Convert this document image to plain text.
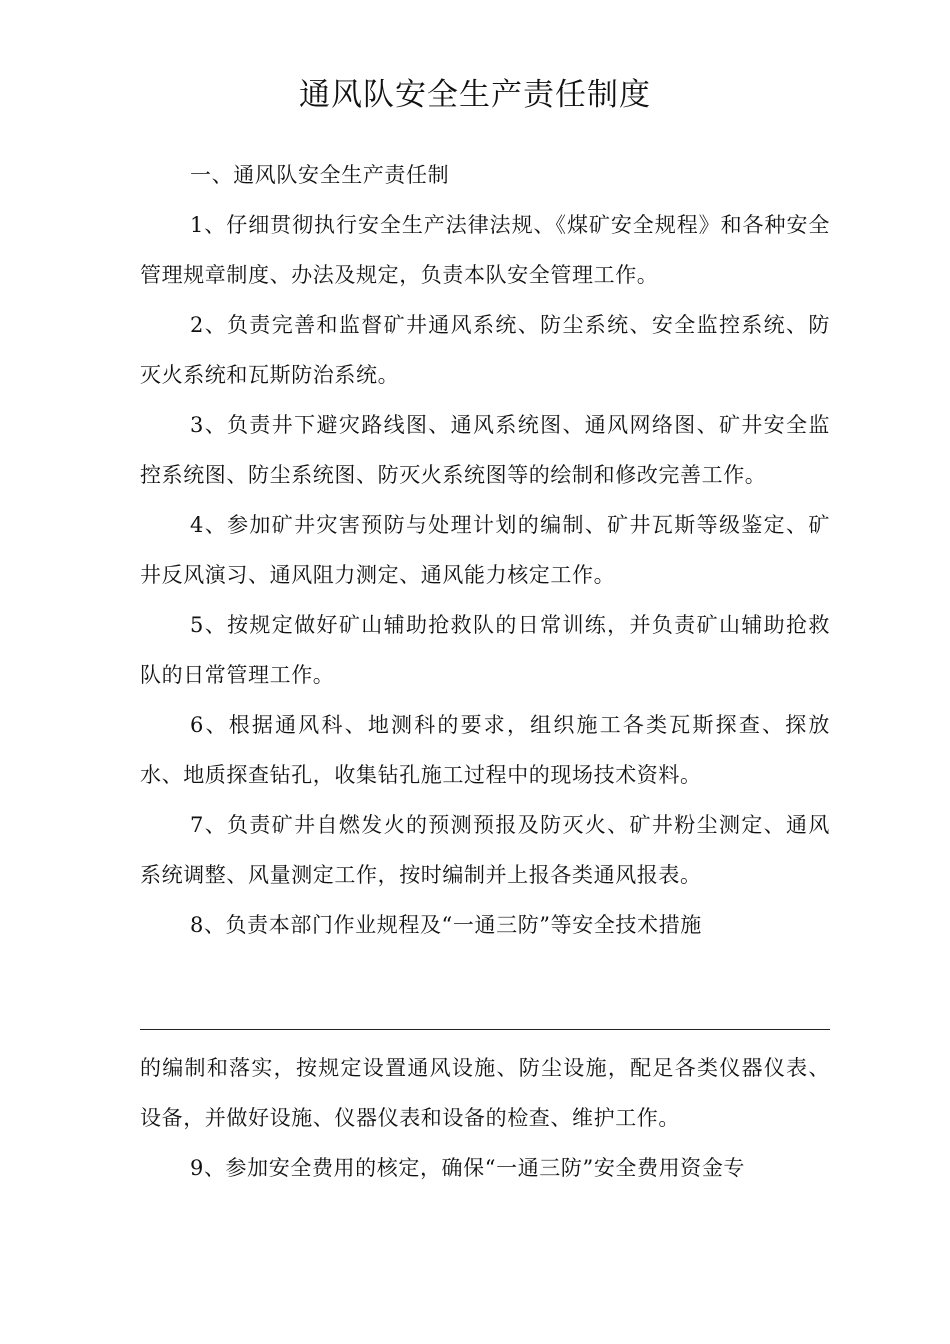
通风队安全生产责任制度
一、通风队安全生产责任制

1、仔细贯彻执行安全生产法律法规、《煤矿安全规程》和各种安全管理规章制度、办法及规定，负责本队安全管理工作。

2、负责完善和监督矿井通风系统、防尘系统、安全监控系统、防灭火系统和瓦斯防治系统。

3、负责井下避灾路线图、通风系统图、通风网络图、矿井安全监控系统图、防尘系统图、防灭火系统图等的绘制和修改完善工作。

4、参加矿井灾害预防与处理计划的编制、矿井瓦斯等级鉴定、矿井反风演习、通风阻力测定、通风能力核定工作。

5、按规定做好矿山辅助抢救队的日常训练，并负责矿山辅助抢救队的日常管理工作。

6、根据通风科、地测科的要求，组织施工各类瓦斯探查、探放水、地质探查钻孔，收集钻孔施工过程中的现场技术资料。

7、负责矿井自燃发火的预测预报及防灭火、矿井粉尘测定、通风系统调整、风量测定工作，按时编制并上报各类通风报表。

8、负责本部门作业规程及“一通三防”等安全技术措施

的编制和落实，按规定设置通风设施、防尘设施，配足各类仪器仪表、设备，并做好设施、仪器仪表和设备的检查、维护工作。

9、参加安全费用的核定，确保“一通三防”安全费用资金专
